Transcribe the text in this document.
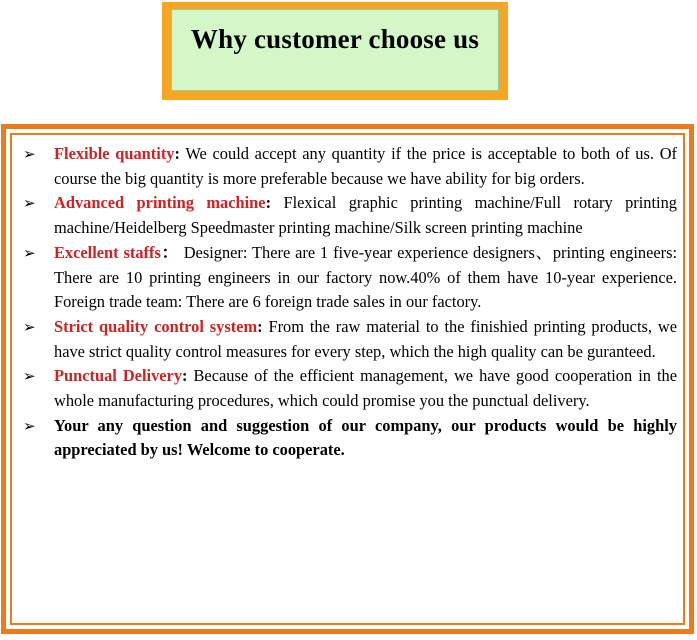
Why customer choose us
➢ Flexible quantity: We could accept any quantity if the price is acceptable to both of us. Of course the big quantity is more preferable because we have ability for big orders.
➢ Advanced printing machine: Flexical graphic printing machine/Full rotary printing machine/Heidelberg Speedmaster printing machine/Silk screen printing machine
➢ Excellent staffs： Designer: There are 1 five-year experience designers、printing engineers: There are 10 printing engineers in our factory now.40% of them have 10-year experience. Foreign trade team: There are 6 foreign trade sales in our factory.
➢ Strict quality control system: From the raw material to the finishied printing products, we have strict quality control measures for every step, which the high quality can be guranteed.
➢ Punctual Delivery: Because of the efficient management, we have good cooperation in the whole manufacturing procedures, which could promise you the punctual delivery.
➢ Your any question and suggestion of our company, our products would be highly appreciated by us! Welcome to cooperate.
